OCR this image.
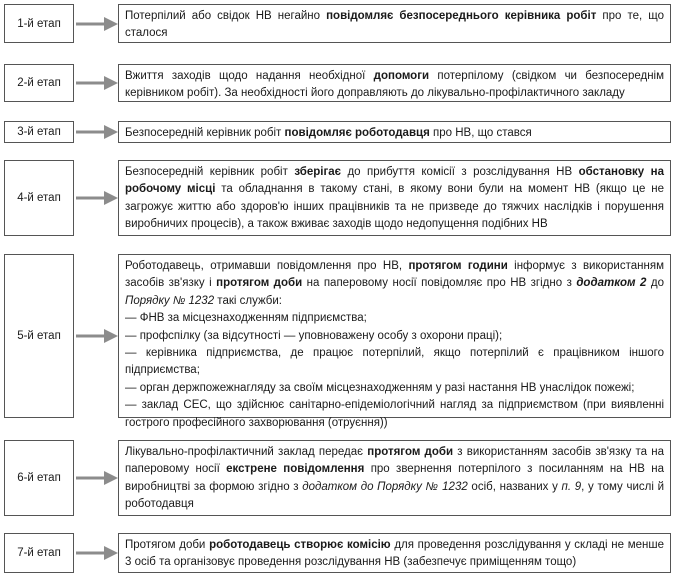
1-й етап
Потерпілий або свідок НВ негайно повідомляє безпосереднього керівника робіт про те, що сталося
2-й етап
Вжиття заходів щодо надання необхідної допомоги потерпілому (свідком чи безпосереднім керівником робіт). За необхідності його доправляють до лікувально-профілактичного закладу
3-й етап	Безпосередній керівник робіт повідомляє роботодавця про НВ, що стався
4-й етап
Безпосередній керівник робіт зберігає до прибуття комісії з розслідування НВ обстановку на робочому місці та обладнання в такому стані, в якому вони були на момент НВ (якщо це не загрожує життю або здоров'ю інших працівників та не призведе до тяжчих наслідків і порушення виробничих процесів), а також вживає заходів щодо недопущення подібних НВ
5-й етап
Роботодавець, отримавши повідомлення про НВ, протягом години інформує з використанням засобів зв'язку і протягом доби на паперовому носії повідомляє про НВ згідно з додатком 2 до Порядку № 1232 такі служби:
— ФНВ за місцезнаходженням підприємства;
— профспілку (за відсутності — уповноважену особу з охорони праці);
— керівника підприємства, де працює потерпілий, якщо потерпілий є працівником іншого підприємства;
— орган держпожежнагляду за своїм місцезнаходженням у разі настання НВ унаслідок пожежі;
— заклад СЕС, що здійснює санітарно-епідеміологічний нагляд за підприємством (при виявленні гострого професійного захворювання (отруєння))
6-й етап
Лікувально-профілактичний заклад передає протягом доби з використанням засобів зв'язку та на паперовому носії екстрене повідомлення про звернення потерпілого з посиланням на НВ на виробництві за формою згідно з додатком до Порядку № 1232 осіб, названих у п. 9, у тому числі й роботодавця
7-й етап
Протягом доби роботодавець створює комісію для проведення розслідування у складі не менше 3 осіб та організовує проведення розслідування НВ (забезпечує приміщенням тощо)
